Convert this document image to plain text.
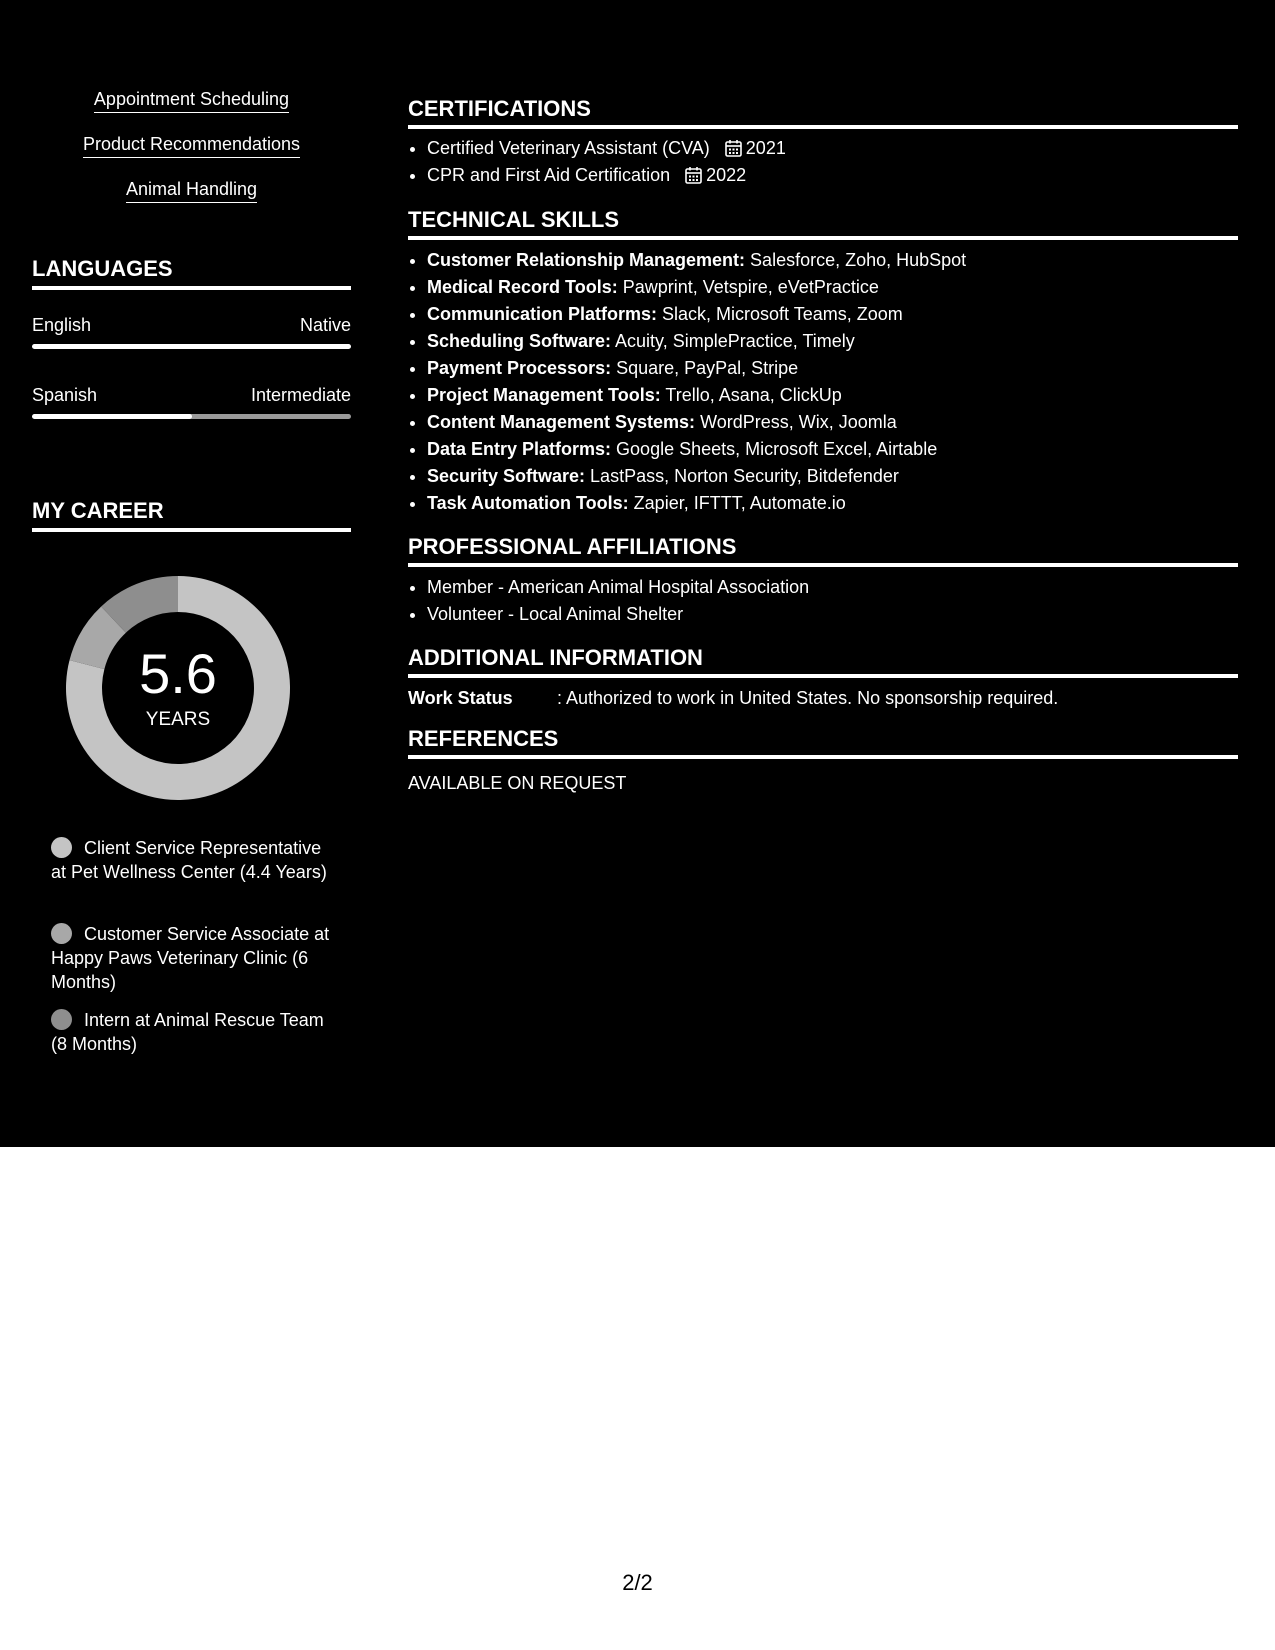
Appointment Scheduling
Product Recommendations
Animal Handling
LANGUAGES
English	Native
Spanish	Intermediate
MY CAREER
5.6
YEARS
Client Service Representative at Pet Wellness Center (4.4 Years)
Customer Service Associate at Happy Paws Veterinary Clinic (6 Months)
Intern at Animal Rescue Team (8 Months)
CERTIFICATIONS
• Certified Veterinary Assistant (CVA) 2021
• CPR and First Aid Certification 2022
TECHNICAL SKILLS
• Customer Relationship Management: Salesforce, Zoho, HubSpot
• Medical Record Tools: Pawprint, Vetspire, eVetPractice
• Communication Platforms: Slack, Microsoft Teams, Zoom
• Scheduling Software: Acuity, SimplePractice, Timely
• Payment Processors: Square, PayPal, Stripe
• Project Management Tools: Trello, Asana, ClickUp
• Content Management Systems: WordPress, Wix, Joomla
• Data Entry Platforms: Google Sheets, Microsoft Excel, Airtable
• Security Software: LastPass, Norton Security, Bitdefender
• Task Automation Tools: Zapier, IFTTT, Automate.io
PROFESSIONAL AFFILIATIONS
• Member - American Animal Hospital Association
• Volunteer - Local Animal Shelter
ADDITIONAL INFORMATION
Work Status : Authorized to work in United States. No sponsorship required.
REFERENCES
AVAILABLE ON REQUEST
2/2
